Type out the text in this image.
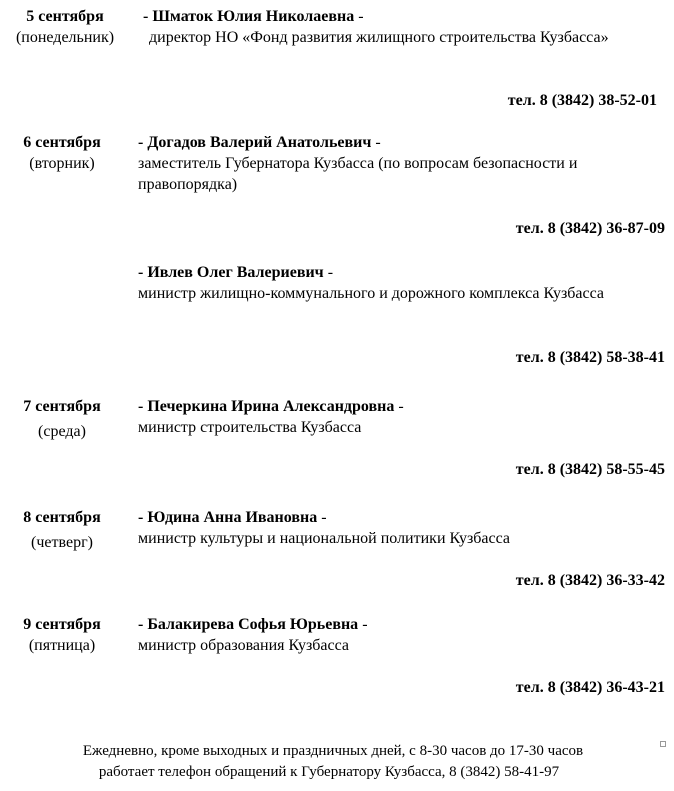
5 сентября
(понедельник)
- Шматок Юлия Николаевна -
директор НО «Фонд развития жилищного строительства Кузбасса»
тел. 8 (3842) 38-52-01
6 сентября
(вторник)
- Догадов Валерий Анатольевич -
заместитель Губернатора Кузбасса (по вопросам безопасности и правопорядка)
тел. 8 (3842) 36-87-09
- Ивлев Олег Валериевич -
министр жилищно-коммунального и дорожного комплекса Кузбасса
тел. 8 (3842) 58-38-41
7 сентября
(среда)
- Печеркина Ирина Александровна -
министр строительства Кузбасса
тел. 8 (3842) 58-55-45
8 сентября
(четверг)
- Юдина Анна Ивановна -
министр культуры и национальной политики Кузбасса
тел. 8 (3842) 36-33-42
9 сентября
(пятница)
- Балакирева Софья Юрьевна -
министр образования Кузбасса
тел. 8 (3842) 36-43-21
Ежедневно, кроме выходных и праздничных дней, с 8-30 часов до 17-30 часов
работает телефон обращений к Губернатору Кузбасса, 8 (3842) 58-41-97
